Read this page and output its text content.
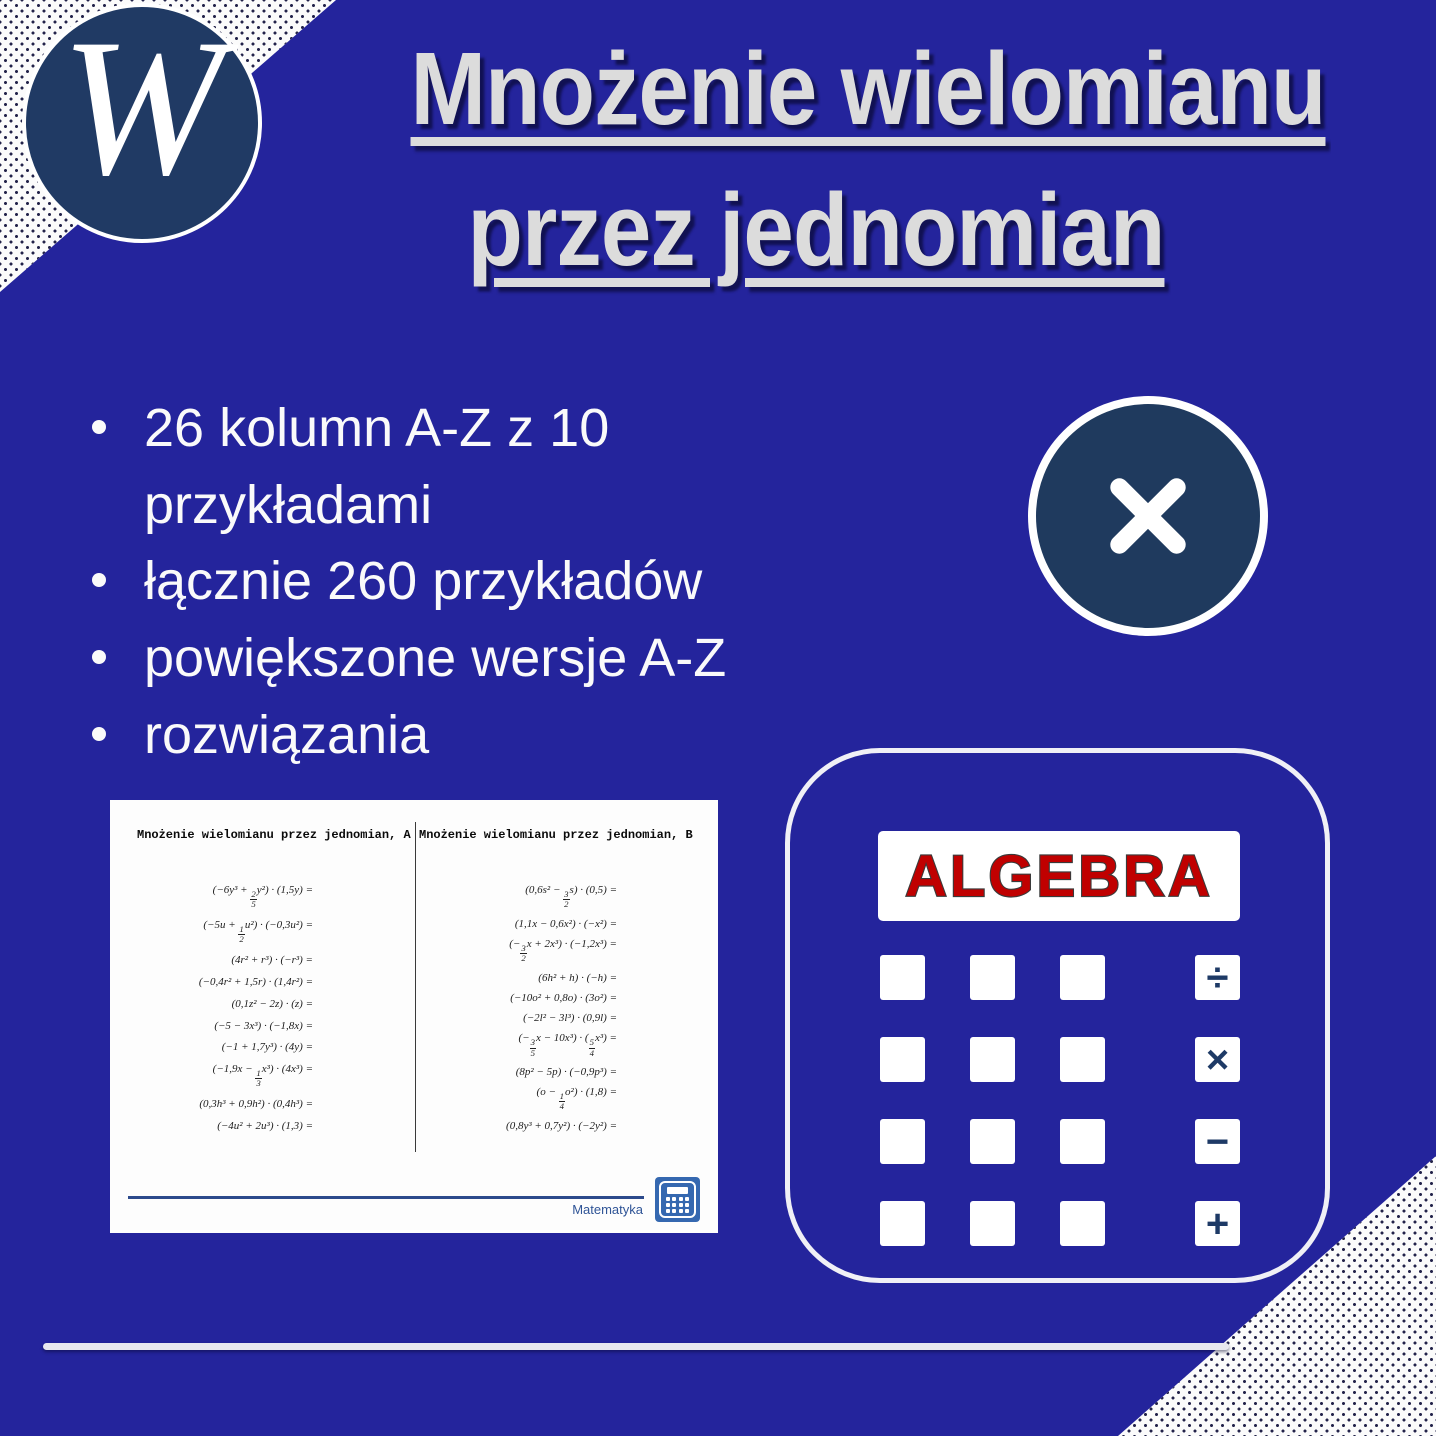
W	Mnożenie wielomianu
przez jednomian
26 kolumn A-Z z 10 przykładami
łącznie 260 przykładów
powiększone wersje A-Z
rozwiązania
Mnożenie wielomianu przez jednomian, A
$(-6y^3 + \frac{2}{5} y^2) \cdot (1,5y)$ =
$(-5u + \frac{1}{2} u^2) \cdot (-0,3u^2)$ =
(4r² + r³) · (−r³) =
(−0,4r² + 1,5r) · (1,4r²) =
(0,1z² − 2z) · (z) =
(−5 − 3x³) · (−1,8x) =
(−1 + 1,7y³) · (4y) =
$(-1,9x - \frac{1}{3} x^3) \cdot (4x^3)$ =
(0,3h³ + 0,9h²) · (0,4h³) =
(−4u² + 2u³) · (1,3) =
Mnożenie wielomianu przez jednomian, B
$(0,6s^2 - \frac{3}{2} s) \cdot (0,5)$ =
(1,1x − 0,6x²) · (−x²) =
(− $\frac{3}{2}$ x + 2x³) · (−1,2x³) =
(6h² + h) · (−h) =
(−10o² + 0,8o) · (3o²) =
(−2l² − 3l³) · (0,9l) =
(− $\frac{3}{5}$ x − 10x³) · ( $\frac{5}{4} x^3$) =
(8p² − 5p) · (−0,9p³) =
$(o - \frac{1}{4} o^2) \cdot (1,8)$ =
(0,8y³ + 0,7y²) · (−2y²) =
Matematyka
ALGEBRA
÷
×
−
+
